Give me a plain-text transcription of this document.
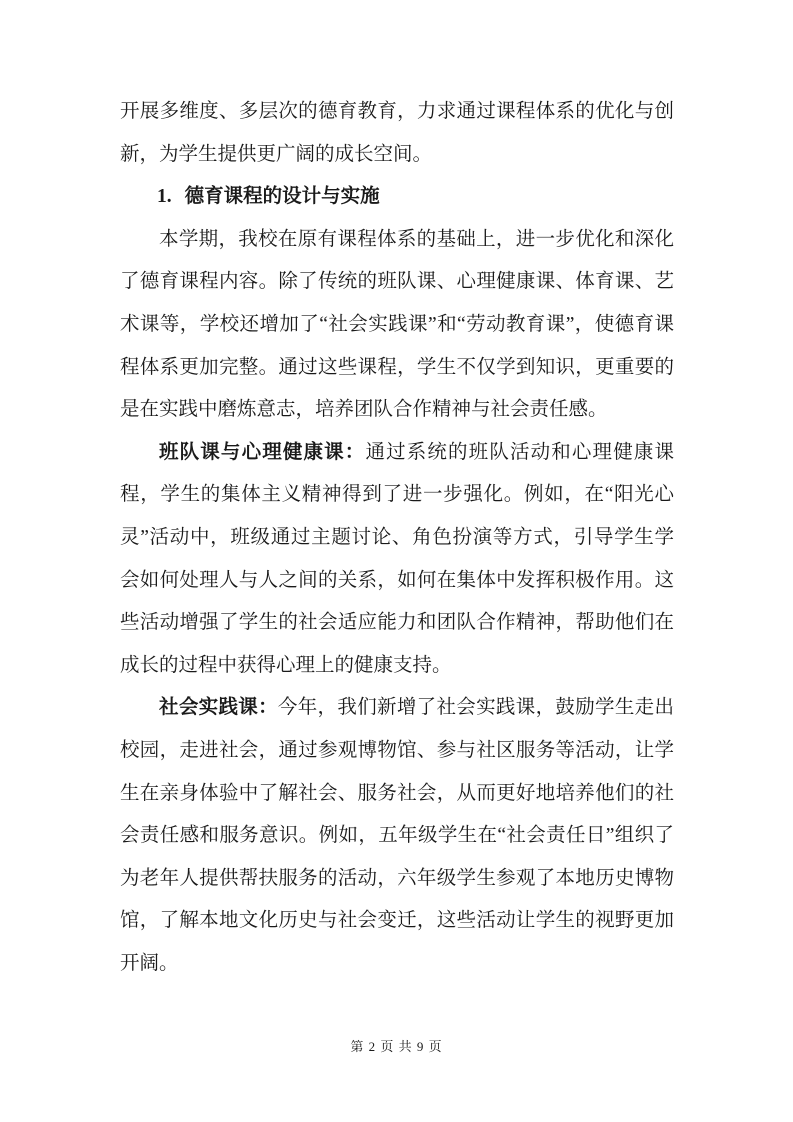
开展多维度、多层次的德育教育，力求通过课程体系的优化与创新，为学生提供更广阔的成长空间。

1. 德育课程的设计与实施

本学期，我校在原有课程体系的基础上，进一步优化和深化了德育课程内容。除了传统的班队课、心理健康课、体育课、艺术课等，学校还增加了“社会实践课”和“劳动教育课”，使德育课程体系更加完整。通过这些课程，学生不仅学到知识，更重要的是在实践中磨炼意志，培养团队合作精神与社会责任感。

班队课与心理健康课：通过系统的班队活动和心理健康课程，学生的集体主义精神得到了进一步强化。例如，在“阳光心灵”活动中，班级通过主题讨论、角色扮演等方式，引导学生学会如何处理人与人之间的关系，如何在集体中发挥积极作用。这些活动增强了学生的社会适应能力和团队合作精神，帮助他们在成长的过程中获得心理上的健康支持。

社会实践课：今年，我们新增了社会实践课，鼓励学生走出校园，走进社会，通过参观博物馆、参与社区服务等活动，让学生在亲身体验中了解社会、服务社会，从而更好地培养他们的社会责任感和服务意识。例如，五年级学生在“社会责任日”组织了为老年人提供帮扶服务的活动，六年级学生参观了本地历史博物馆，了解本地文化历史与社会变迁，这些活动让学生的视野更加开阔。

第 2 页 共 9 页
